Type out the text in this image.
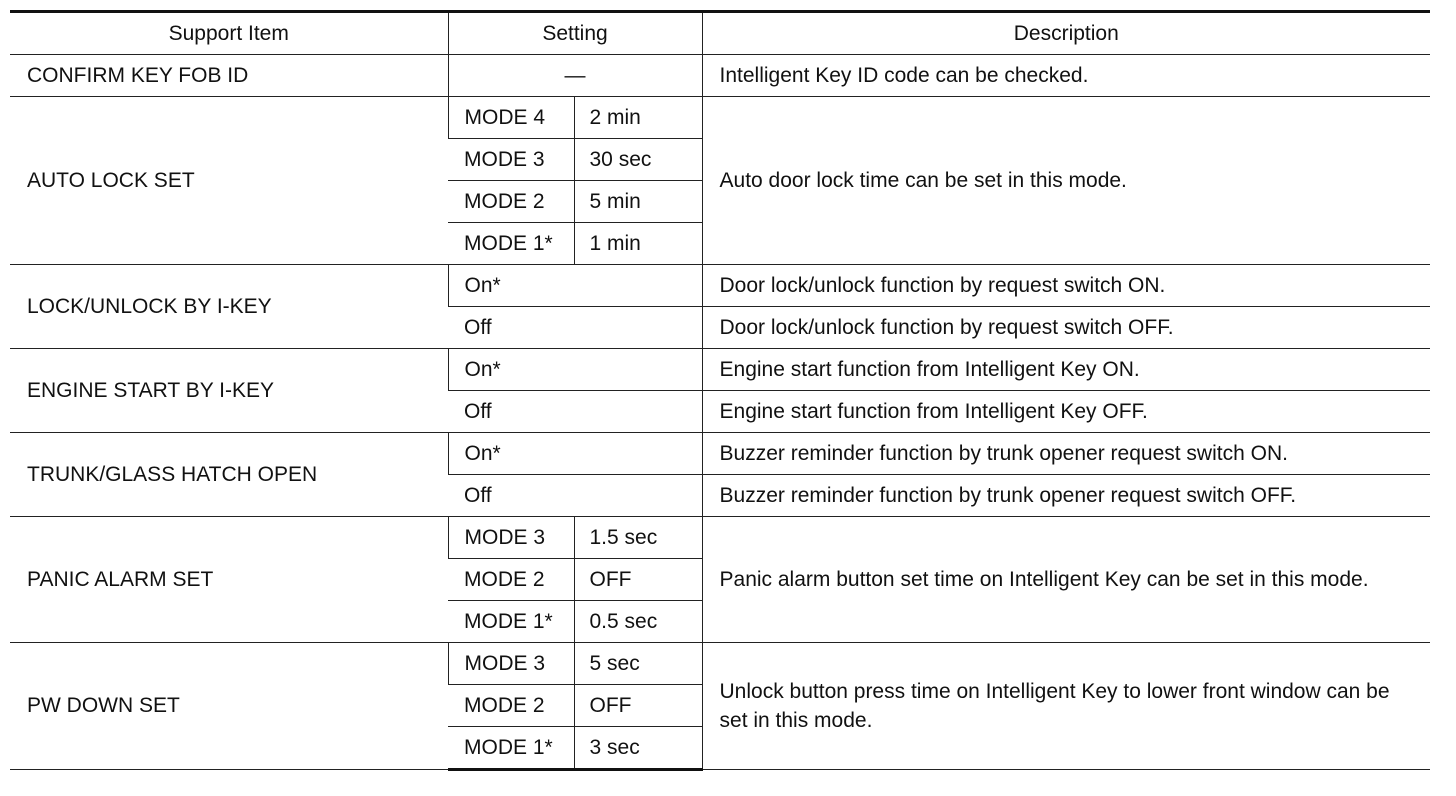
Support Item	Setting		Description
CONFIRM KEY FOB ID	—		Intelligent Key ID code can be checked.
AUTO LOCK SET	MODE 4	2 min	Auto door lock time can be set in this mode.
	MODE 3	30 sec	
	MODE 2	5 min	
	MODE 1*	1 min	
LOCK/UNLOCK BY I-KEY	On*		Door lock/unlock function by request switch ON.
	Off		Door lock/unlock function by request switch OFF.
ENGINE START BY I-KEY	On*		Engine start function from Intelligent Key ON.
	Off		Engine start function from Intelligent Key OFF.
TRUNK/GLASS HATCH OPEN	On*		Buzzer reminder function by trunk opener request switch ON.
	Off		Buzzer reminder function by trunk opener request switch OFF.
PANIC ALARM SET	MODE 3	1.5 sec	Panic alarm button set time on Intelligent Key can be set in this mode.
	MODE 2	OFF	
	MODE 1*	0.5 sec	
PW DOWN SET	MODE 3	5 sec	Unlock button press time on Intelligent Key to lower front window can be set in this mode.
	MODE 2	OFF	
	MODE 1*	3 sec	
